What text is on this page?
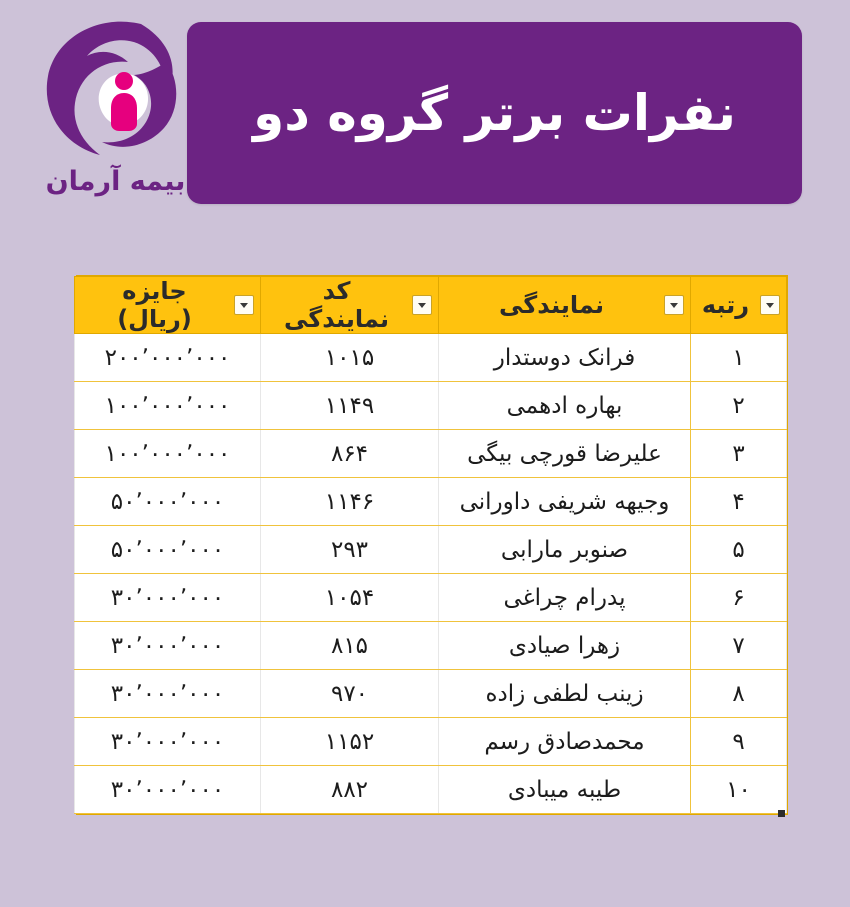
نفرات برتر گروه دو
بیمه آرمان
رتبه	نمایندگی	کد نمایندگی	جایزه (ریال)

۱	فرانک دوستدار	۱۰۱۵	۲۰۰٬۰۰۰٬۰۰۰
۲	بهاره ادهمی	۱۱۴۹	۱۰۰٬۰۰۰٬۰۰۰
۳	علیرضا قورچی بیگی	۸۶۴	۱۰۰٬۰۰۰٬۰۰۰
۴	وجیهه شریفی داورانی	۱۱۴۶	۵۰٬۰۰۰٬۰۰۰
۵	صنوبر مارابی	۲۹۳	۵۰٬۰۰۰٬۰۰۰
۶	پدرام چراغی	۱۰۵۴	۳۰٬۰۰۰٬۰۰۰
۷	زهرا صیادی	۸۱۵	۳۰٬۰۰۰٬۰۰۰
۸	زینب لطفی زاده	۹۷۰	۳۰٬۰۰۰٬۰۰۰
۹	محمدصادق رسم	۱۱۵۲	۳۰٬۰۰۰٬۰۰۰
۱۰	طیبه میبادی	۸۸۲	۳۰٬۰۰۰٬۰۰۰
